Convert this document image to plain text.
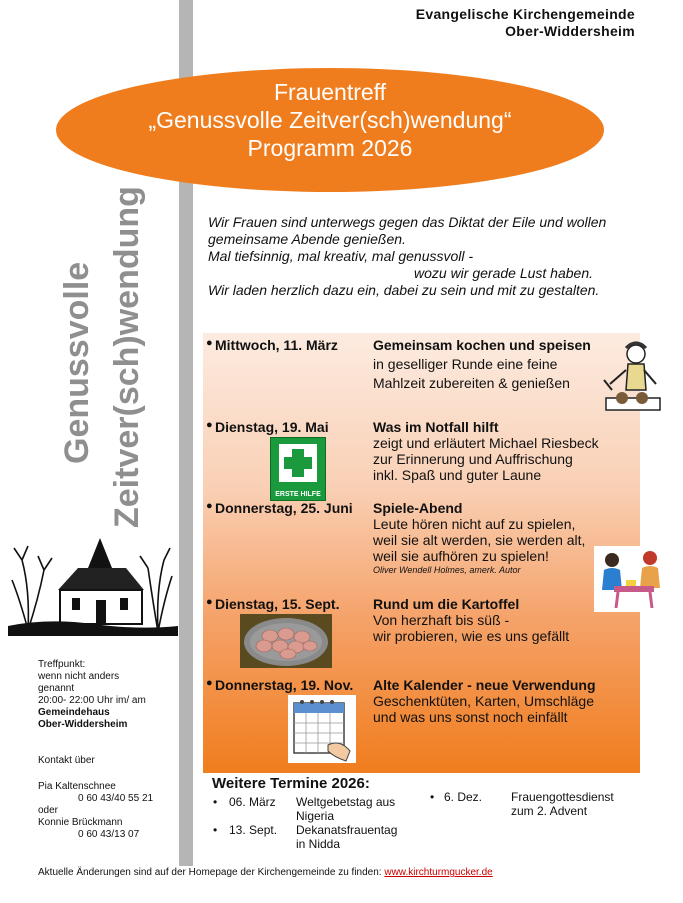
Evangelische Kirchengemeinde
Ober-Widdersheim
Frauentreff
„Genussvolle Zeitver(sch)wendung“
Programm 2026
Genussvolle Zeitver(sch)wendung	Wir Frauen sind unterwegs gegen das Diktat der Eile und wollen
gemeinsame Abende genießen.
Mal tiefsinnig, mal kreativ, mal genussvoll -
wozu wir gerade Lust haben.
Wir laden herzlich dazu ein, dabei zu sein und mit zu gestalten.
● Mittwoch, 11. März	Gemeinsam kochen und speisen
in geselliger Runde eine feine
Mahlzeit zubereiten & genießen
● Dienstag, 19. Mai	Was im Notfall hilft
zeigt und erläutert Michael Riesbeck
zur Erinnerung und Auffrischung
inkl. Spaß und guter Laune
ERSTE HILFE
● Donnerstag, 25. Juni Spiele-Abend
Leute hören nicht auf zu spielen,
weil sie alt werden, sie werden alt,
weil sie aufhören zu spielen!
Oliver Wendell Holmes, amerk. Autor
● Dienstag, 15. Sept. Rund um die Kartoffel
Von herzhaft bis süß -
wir probieren, wie es uns gefällt
● Donnerstag, 19. Nov. Alte Kalender - neue Verwendung
Geschenktüten, Karten, Umschläge
und was uns sonst noch einfällt
Treffpunkt:
wenn nicht anders
genannt
20:00- 22:00 Uhr im/ am
Gemeindehaus
Ober-Widdersheim
Kontakt über
Pia Kaltenschnee
0 60 43/40 55 21
oder
Konnie Brückmann
0 60 43/13 07
Weitere Termine 2026:
• 06. März Weltgebetstag aus
Nigeria
• 13. Sept. Dekanatsfrauentag
in Nidda
• 6. Dez. Frauengottesdienst
zum 2. Advent
Aktuelle Änderungen sind auf der Homepage der Kirchengemeinde zu finden: www.kirchturmgucker.de
